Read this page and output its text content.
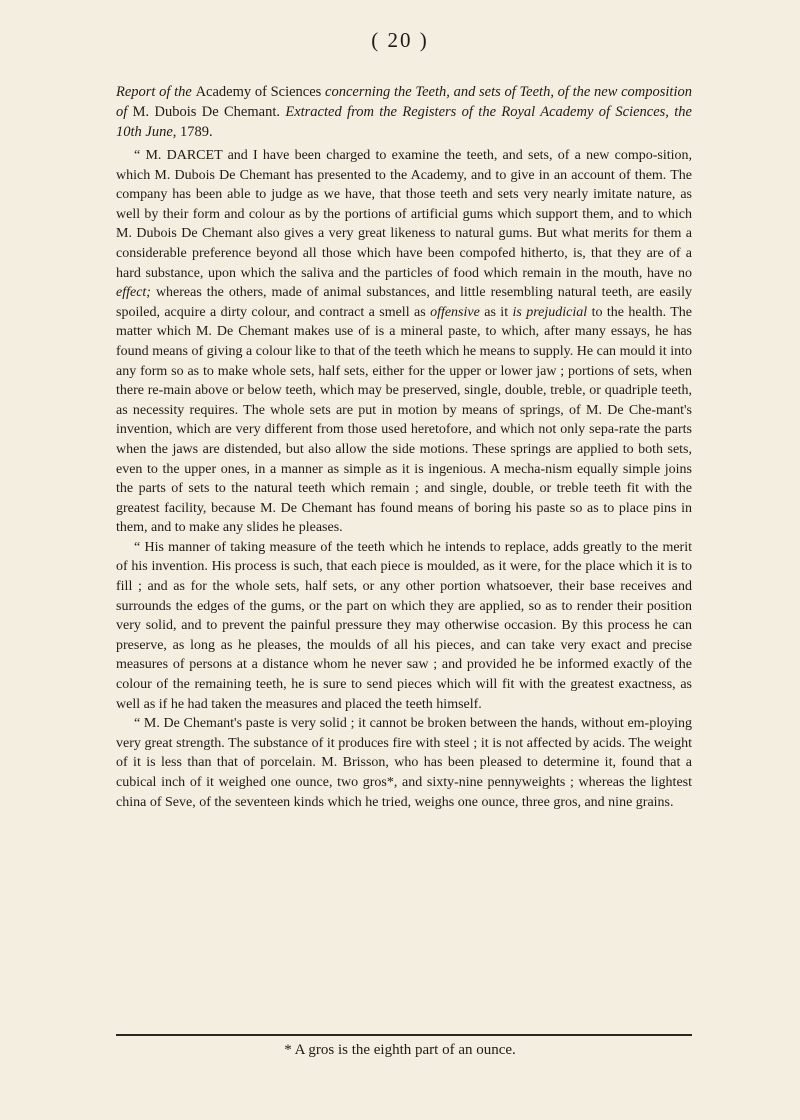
( 20 )

Report of the Academy of Sciences concerning the Teeth, and sets of Teeth, of the new composition of M. Dubois De Chemant. Extracted from the Registers of the Royal Academy of Sciences, the 10th June, 1789.

“ M. DARCET and I have been charged to examine the teeth, and sets, of a new compo-sition, which M. Dubois De Chemant has presented to the Academy, and to give in an account of them. The company has been able to judge as we have, that those teeth and sets very nearly imitate nature, as well by their form and colour as by the portions of artificial gums which support them, and to which M. Dubois De Chemant also gives a very great likeness to natural gums. But what merits for them a considerable preference beyond all those which have been compofed hitherto, is, that they are of a hard substance, upon which the saliva and the particles of food which remain in the mouth, have no effect; whereas the others, made of animal substances, and little resembling natural teeth, are easily spoiled, acquire a dirty colour, and contract a smell as offensive as it is prejudicial to the health. The matter which M. De Chemant makes use of is a mineral paste, to which, after many essays, he has found means of giving a colour like to that of the teeth which he means to supply. He can mould it into any form so as to make whole sets, half sets, either for the upper or lower jaw ; portions of sets, when there re-main above or below teeth, which may be preserved, single, double, treble, or quadriple teeth, as necessity requires. The whole sets are put in motion by means of springs, of M. De Che-mant's invention, which are very different from those used heretofore, and which not only sepa-rate the parts when the jaws are distended, but also allow the side motions. These springs are applied to both sets, even to the upper ones, in a manner as simple as it is ingenious. A mecha-nism equally simple joins the parts of sets to the natural teeth which remain ; and single, double, or treble teeth fit with the greatest facility, because M. De Chemant has found means of boring his paste so as to place pins in them, and to make any slides he pleases.

“ His manner of taking measure of the teeth which he intends to replace, adds greatly to the merit of his invention. His process is such, that each piece is moulded, as it were, for the place which it is to fill ; and as for the whole sets, half sets, or any other portion whatsoever, their base receives and surrounds the edges of the gums, or the part on which they are applied, so as to render their position very solid, and to prevent the painful pressure they may otherwise occasion. By this process he can preserve, as long as he pleases, the moulds of all his pieces, and can take very exact and precise measures of persons at a distance whom he never saw ; and provided he be informed exactly of the colour of the remaining teeth, he is sure to send pieces which will fit with the greatest exactness, as well as if he had taken the measures and placed the teeth himself.

“ M. De Chemant's paste is very solid ; it cannot be broken between the hands, without em-ploying very great strength. The substance of it produces fire with steel ; it is not affected by acids. The weight of it is less than that of porcelain. M. Brisson, who has been pleased to determine it, found that a cubical inch of it weighed one ounce, two gros*, and sixty-nine pennyweights ; whereas the lightest china of Seve, of the seventeen kinds which he tried, weighs one ounce, three gros, and nine grains.

* A gros is the eighth part of an ounce.
